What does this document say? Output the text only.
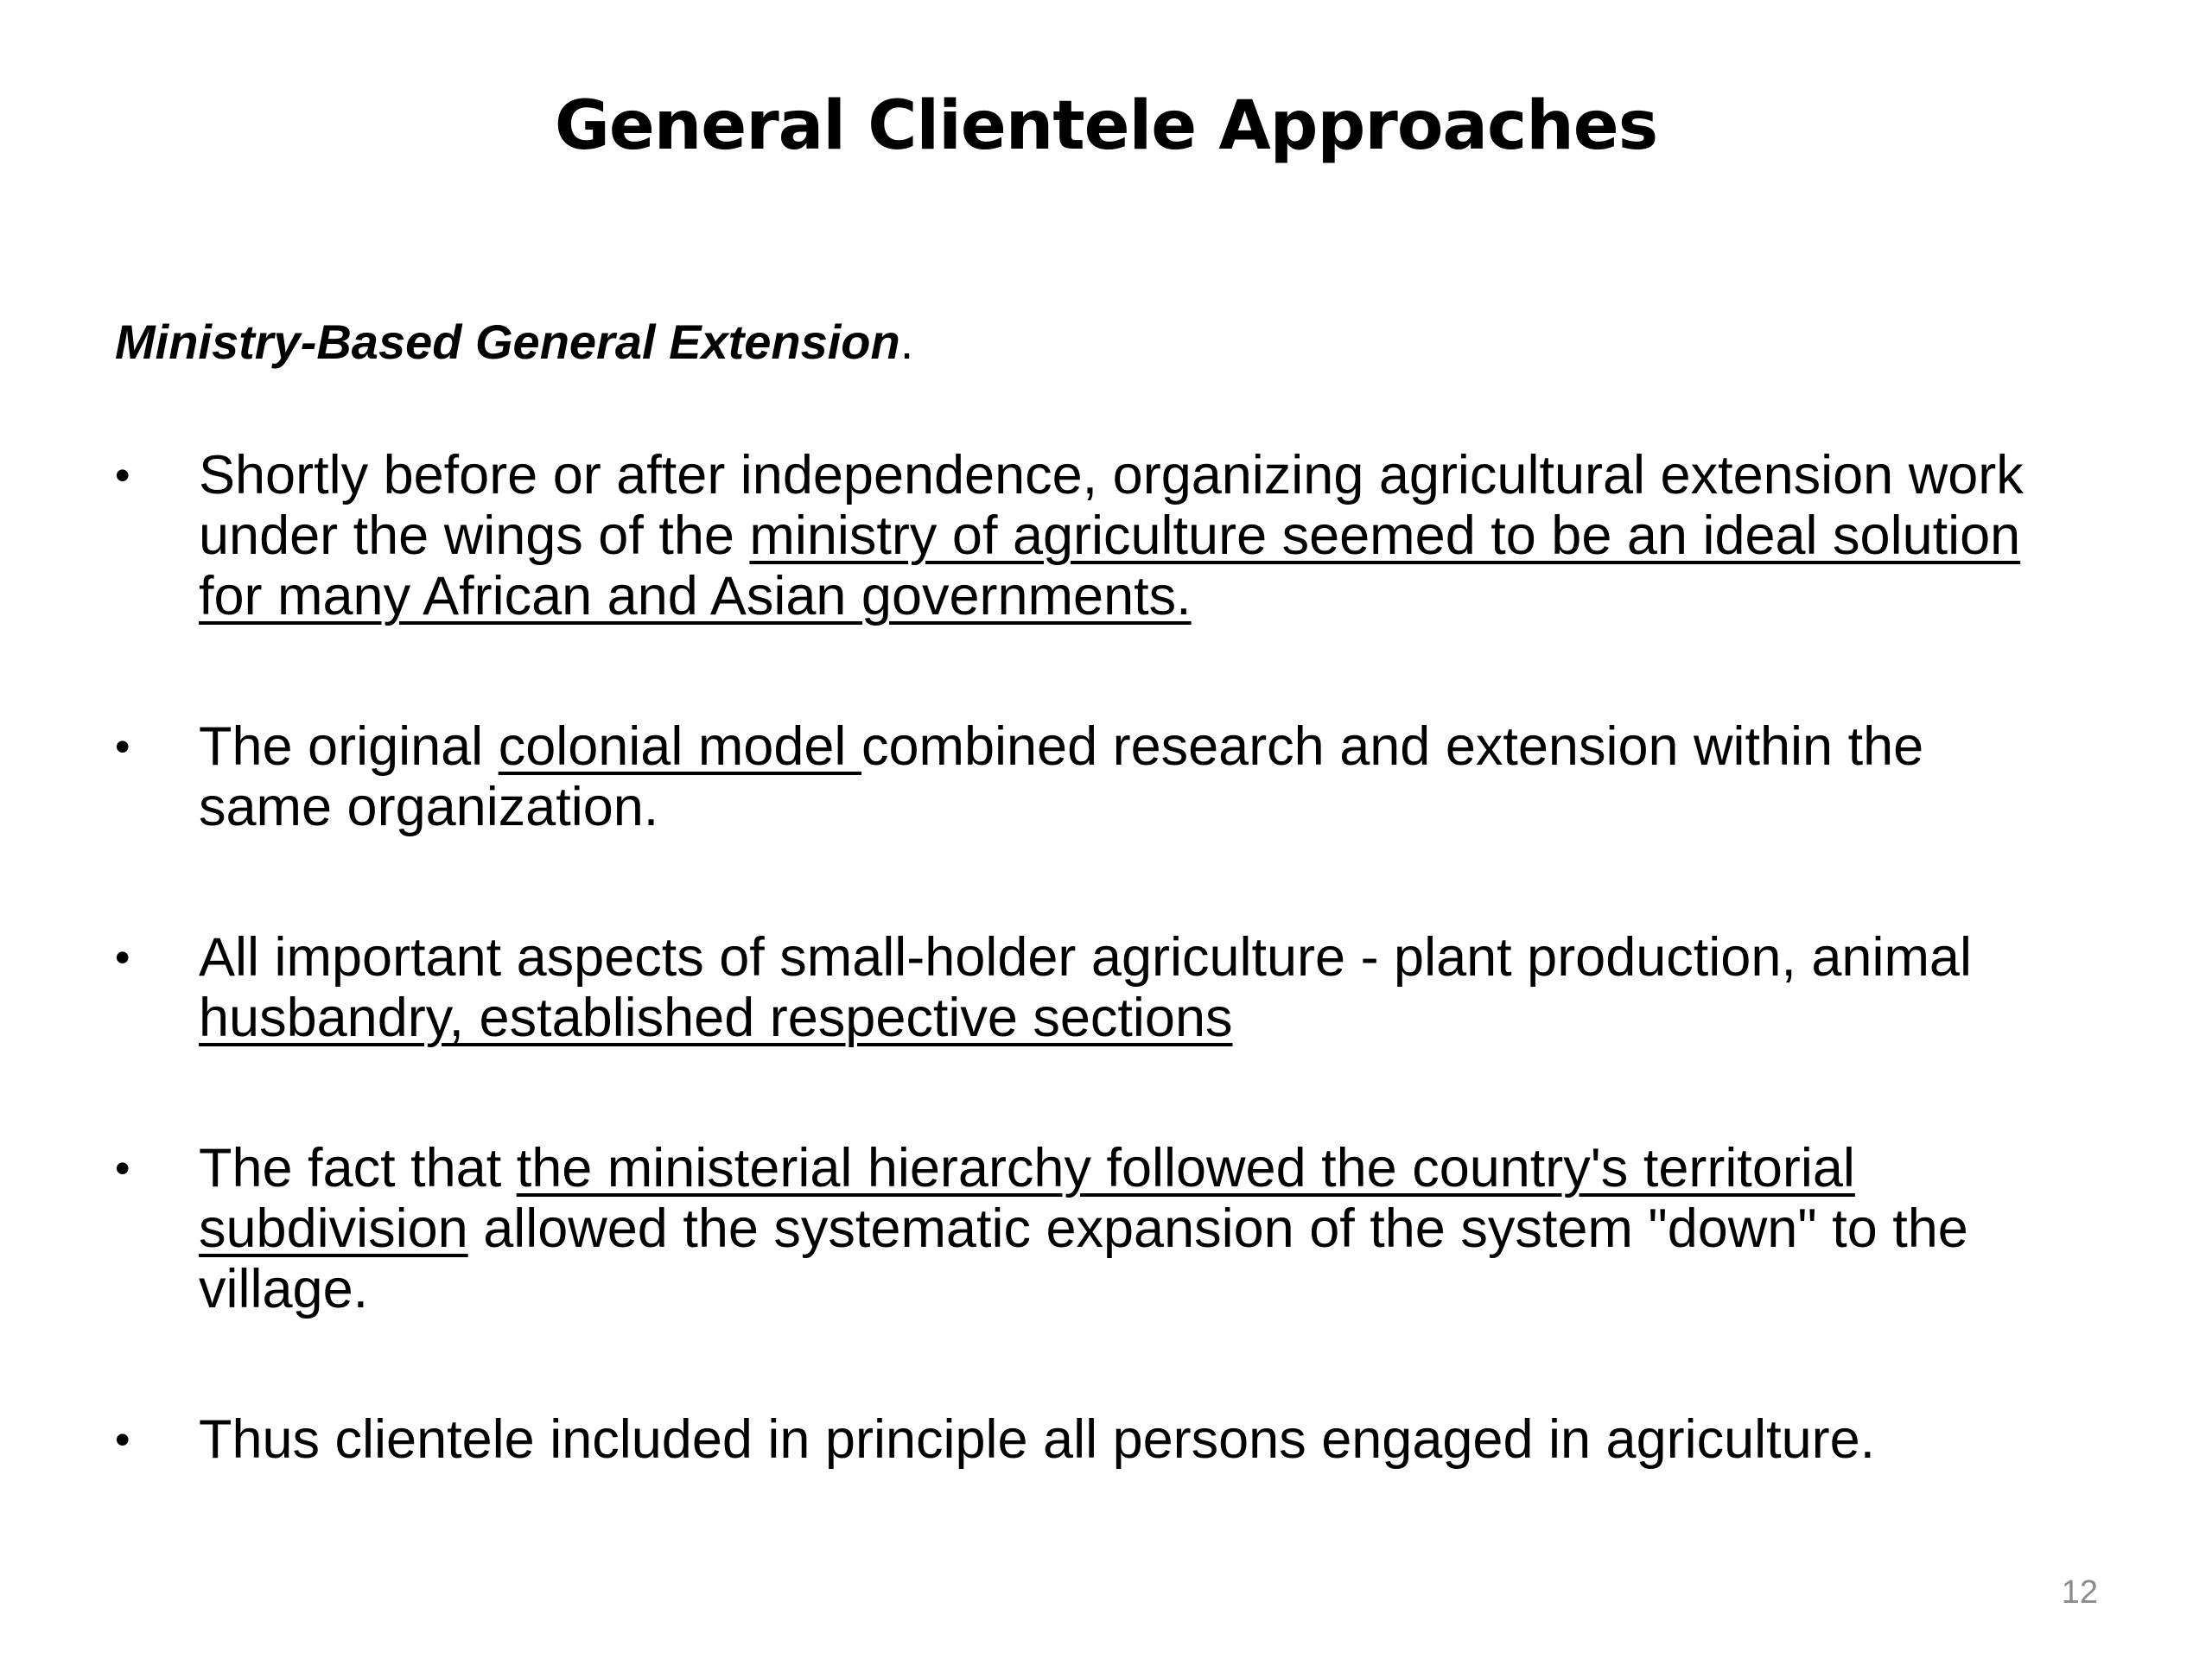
General Clientele Approaches
Ministry-Based General Extension.
• Shortly before or after independence, organizing agricultural extension work
under the wings of the ministry of agriculture seemed to be an ideal solution
for many African and Asian governments.
• The original colonial model combined research and extension within the
same organization.
• All important aspects of small-holder agriculture - plant production, animal
husbandry, established respective sections
• The fact that the ministerial hierarchy followed the country's territorial
subdivision allowed the systematic expansion of the system "down" to the
village.
• Thus clientele included in principle all persons engaged in agriculture.
12
